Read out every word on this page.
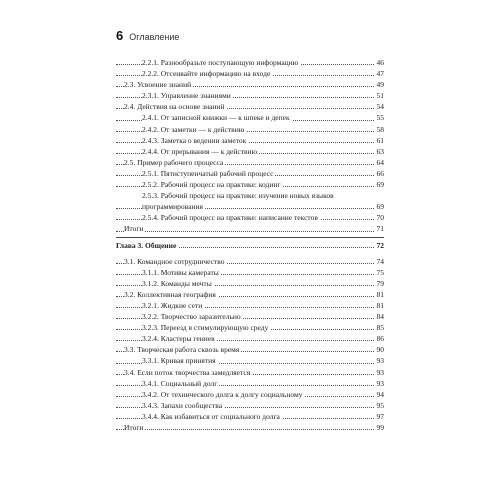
6 Оглавление
2.2.1. Разнообразьте поступающую информацию	46
2.2.2. Отсеивайте информацию на входе	47
2.3. Усвоение знаний	49
2.3.1. Управление знаниями	51
2.4. Действия на основе знаний	54
2.4.1. От записной книжки — к шпеке и депек	55
2.4.2. От заметки — к действию	58
2.4.3. Заметка о ведении заметок	61
2.4.4. От прерывания — к действию	63
2.5. Пример рабочего процесса	64
2.5.1. Пятиступенчатый рабочий процесс	66
2.5.2. Рабочий процесс на практике: кодинг	69
2.5.3. Рабочий процесс на практике: изучение новых языков
программирования	69
2.5.4. Рабочий процесс на практике: написание текстов	70
Итоги	71
Глава 3. Общение	72
3.1. Командное сотрудничество	74
3.1.1. Мотивы камераты	75
3.1.2. Команды мечты	79
3.2. Коллективная география	81
3.2.1. Жидкие сети	81
3.2.2. Творчество заразительно	84
3.2.3. Переезд в стимулирующую среду	85
3.2.4. Кластеры гениев	86
3.3. Творческая работа сквозь время	90
3.3.1. Кривая принятия	93
3.4. Если поток творчества замедляется	93
3.4.1. Социальный долг	93
3.4.2. От технического долга к долгу социальному	94
3.4.3. Запахи сообщества	95
3.4.4. Как избавиться от социального долга	97
Итоги	99
